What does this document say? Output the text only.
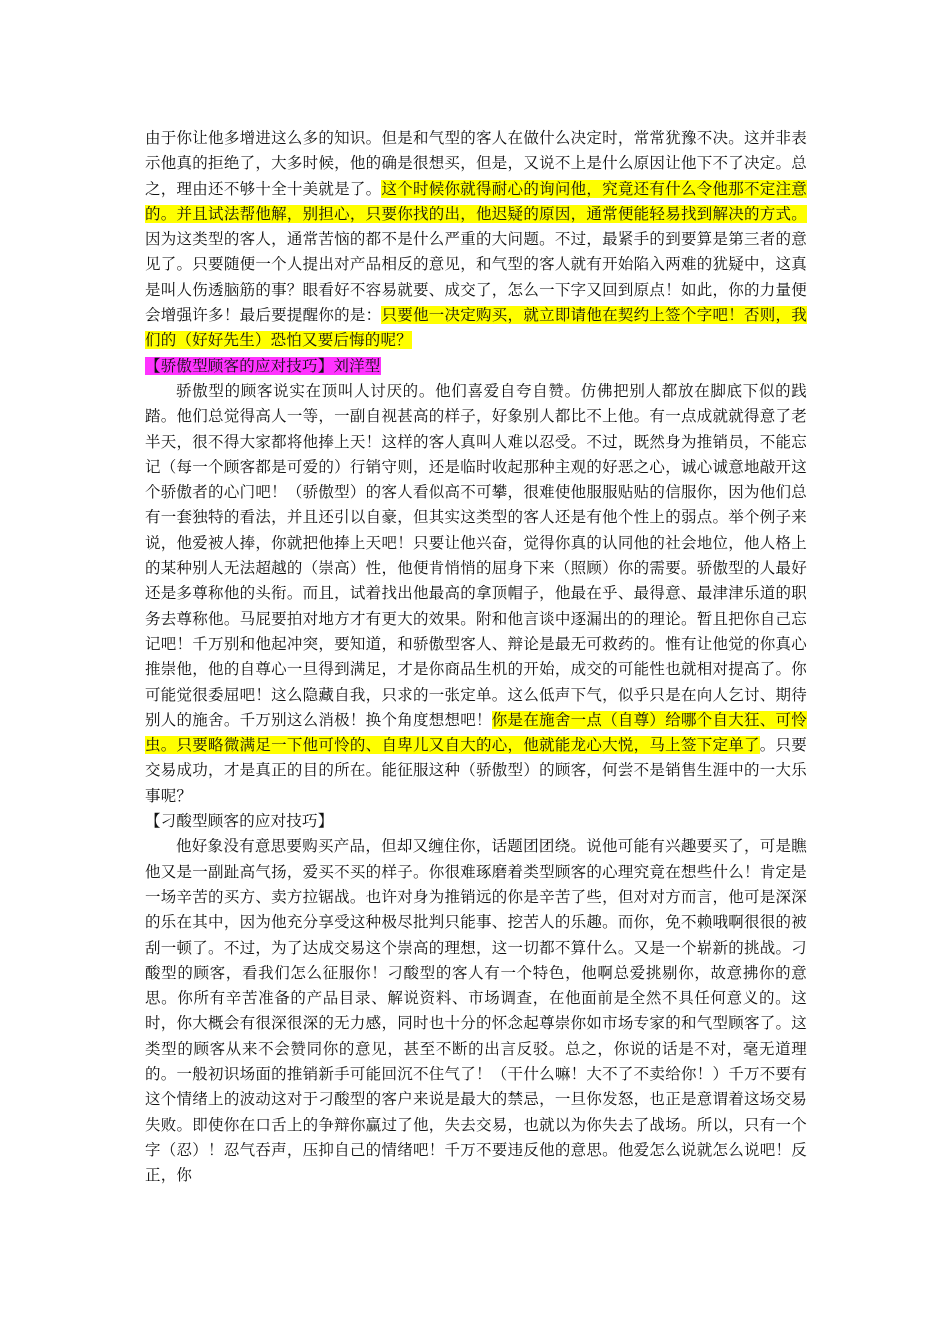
由于你让他多增进这么多的知识。但是和气型的客人在做什么决定时，常常犹豫不决。这并非表示他真的拒绝了，大多时候，他的确是很想买，但是，又说不上是什么原因让他下不了决定。总之，理由还不够十全十美就是了。这个时候你就得耐心的询问他，究竟还有什么令他那不定注意的。并且试法帮他解，别担心，只要你找的出，他迟疑的原因，通常便能轻易找到解决的方式。因为这类型的客人，通常苦恼的都不是什么严重的大问题。不过，最紧手的到要算是第三者的意见了。只要随便一个人提出对产品相反的意见，和气型的客人就有开始陷入两难的犹疑中，这真是叫人伤透脑筋的事？眼看好不容易就要、成交了，怎么一下字又回到原点！如此，你的力量便会增强许多！最后要提醒你的是：只要他一决定购买，就立即请他在契约上签个字吧！否则，我们的（好好先生）恐怕又要后悔的呢？

【骄傲型顾客的应对技巧】刘洋型

骄傲型的顾客说实在顶叫人讨厌的。他们喜爱自夸自赞。仿佛把别人都放在脚底下似的践踏。他们总觉得高人一等，一副自视甚高的样子，好象别人都比不上他。有一点成就就得意了老半天，很不得大家都将他捧上天！这样的客人真叫人难以忍受。不过，既然身为推销员，不能忘记（每一个顾客都是可爱的）行销守则，还是临时收起那种主观的好恶之心，诚心诚意地敲开这个骄傲者的心门吧！（骄傲型）的客人看似高不可攀，很难使他服服贴贴的信服你，因为他们总有一套独特的看法，并且还引以自豪，但其实这类型的客人还是有他个性上的弱点。举个例子来说，他爱被人捧，你就把他捧上天吧！只要让他兴奋，觉得你真的认同他的社会地位，他人格上的某种别人无法超越的（崇高）性，他便肯悄悄的屈身下来（照顾）你的需要。骄傲型的人最好还是多尊称他的头衔。而且，试着找出他最高的拿顶帽子，他最在乎、最得意、最津津乐道的职务去尊称他。马屁要拍对地方才有更大的效果。附和他言谈中逐漏出的的理论。暂且把你自己忘记吧！千万别和他起冲突，要知道，和骄傲型客人、辩论是最无可救药的。惟有让他觉的你真心推崇他，他的自尊心一旦得到满足，才是你商品生机的开始，成交的可能性也就相对提高了。你可能觉很委屈吧！这么隐藏自我，只求的一张定单。这么低声下气，似乎只是在向人乞讨、期待别人的施舍。千万别这么消极！换个角度想想吧！你是在施舍一点（自尊）给哪个自大狂、可怜虫。只要略微满足一下他可怜的、自卑儿又自大的心，他就能龙心大悦，马上签下定单了。只要交易成功，才是真正的目的所在。能征服这种（骄傲型）的顾客，何尝不是销售生涯中的一大乐事呢？

【刁酸型顾客的应对技巧】

他好象没有意思要购买产品，但却又缠住你，话题团团绕。说他可能有兴趣要买了，可是瞧他又是一副趾高气扬，爱买不买的样子。你很难琢磨着类型顾客的心理究竟在想些什么！肯定是一场辛苦的买方、卖方拉锯战。也许对身为推销远的你是辛苦了些，但对对方而言，他可是深深的乐在其中，因为他充分享受这种极尽批判只能事、挖苦人的乐趣。而你，免不赖哦啊很很的被刮一顿了。不过，为了达成交易这个崇高的理想，这一切都不算什么。又是一个崭新的挑战。刁酸型的顾客，看我们怎么征服你！刁酸型的客人有一个特色，他啊总爱挑剔你，故意拂你的意思。你所有辛苦准备的产品目录、解说资料、市场调查，在他面前是全然不具任何意义的。这时，你大概会有很深很深的无力感，同时也十分的怀念起尊崇你如市场专家的和气型顾客了。这类型的顾客从来不会赞同你的意见，甚至不断的出言反驳。总之，你说的话是不对，毫无道理的。一般初识场面的推销新手可能回沉不住气了！（干什么嘛！大不了不卖给你！）千万不要有这个情绪上的波动这对于刁酸型的客户来说是最大的禁忌，一旦你发怒，也正是意谓着这场交易失败。即使你在口舌上的争辩你赢过了他，失去交易，也就以为你失去了战场。所以，只有一个字（忍）！忍气吞声，压抑自己的情绪吧！千万不要违反他的意思。他爱怎么说就怎么说吧！反正，你
